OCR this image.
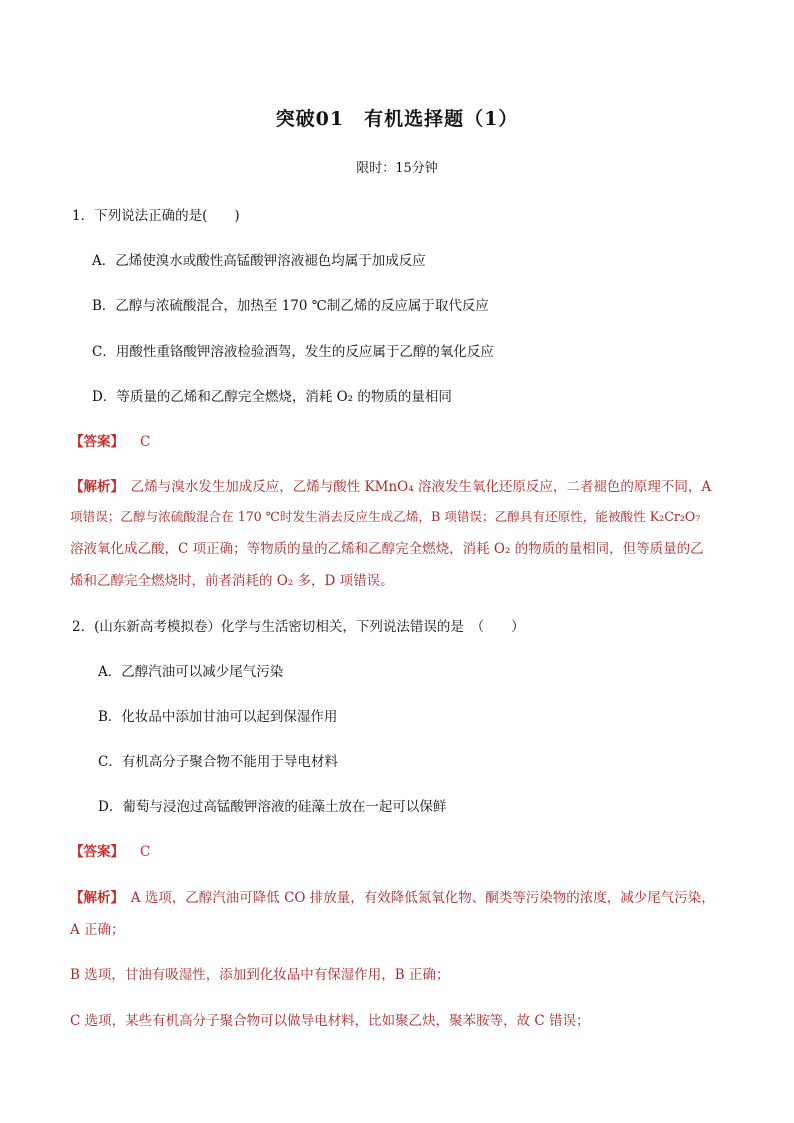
突破01　有机选择题（1）
限时：15分钟
1．下列说法正确的是(　　)
A．乙烯使溴水或酸性高锰酸钾溶液褪色均属于加成反应
B．乙醇与浓硫酸混合，加热至 170 ℃制乙烯的反应属于取代反应
C．用酸性重铬酸钾溶液检验酒驾，发生的反应属于乙醇的氧化反应
D．等质量的乙烯和乙醇完全燃烧，消耗 O₂ 的物质的量相同
【答案】 C
【解析】　 乙烯与溴水发生加成反应，乙烯与酸性 KMnO₄ 溶液发生氧化还原反应，二者褪色的原理不同，A
项错误；乙醇与浓硫酸混合在 170 ℃时发生消去反应生成乙烯，B 项错误；乙醇具有还原性，能被酸性 K₂Cr₂O₇
溶液氧化成乙酸，C 项正确；等物质的量的乙烯和乙醇完全燃烧，消耗 O₂ 的物质的量相同，但等质量的乙
烯和乙醇完全燃烧时，前者消耗的 O₂ 多，D 项错误。
2．(山东新高考模拟卷）化学与生活密切相关，下列说法错误的是　（　　）
A．乙醇汽油可以减少尾气污染
B．化妆品中添加甘油可以起到保湿作用
C．有机高分子聚合物不能用于导电材料
D．葡萄与浸泡过高锰酸钾溶液的硅藻土放在一起可以保鲜
【答案】 C
【解析】　 A 选项，乙醇汽油可降低 CO 排放量，有效降低氮氧化物、酮类等污染物的浓度，减少尾气污染，
A 正确；
B 选项，甘油有吸湿性，添加到化妆品中有保湿作用，B 正确；
C 选项，某些有机高分子聚合物可以做导电材料，比如聚乙炔，聚苯胺等，故 C 错误；
